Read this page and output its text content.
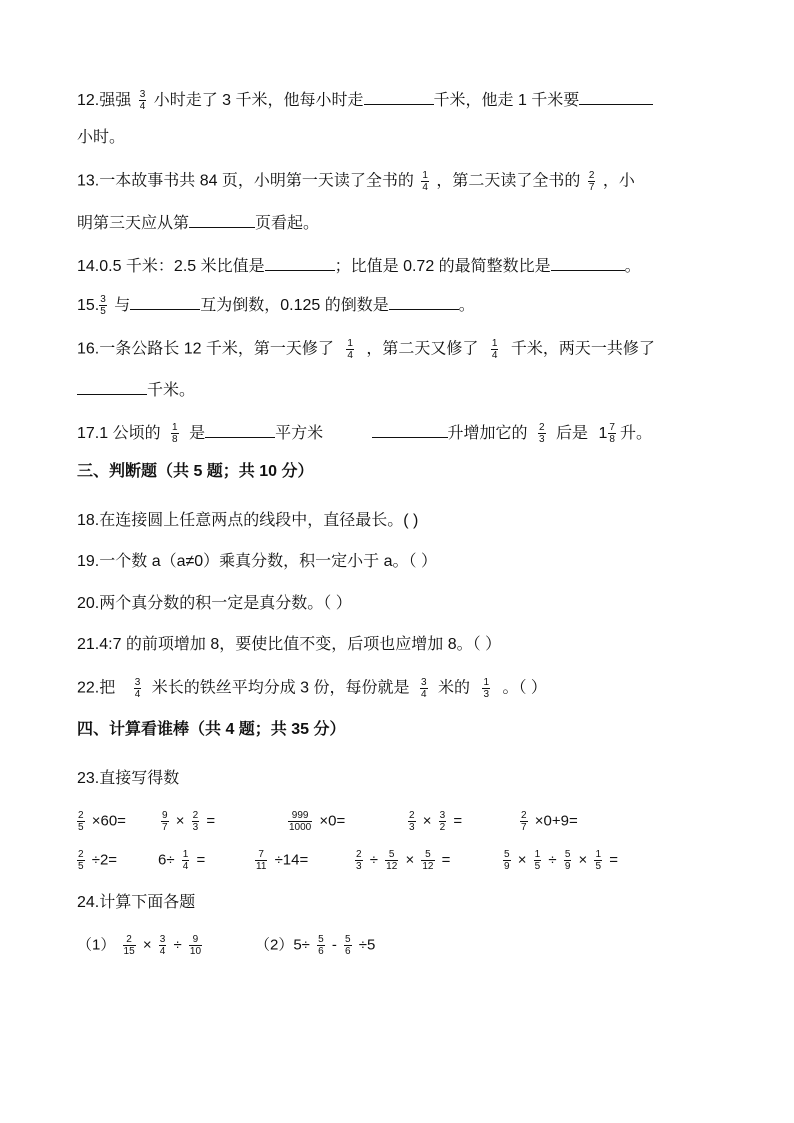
12.强强 $\frac{3}{4}$ 小时走了 3 千米，他每小时走	千米，他走 1 千米要
小时。
13.一本故事书共 84 页，小明第一天读了全书的 $\frac{1}{4}$ ，第二天读了全书的 $\frac{2}{7}$ ，小
明第三天应从第	页看起。
14.0.5 千米：2.5 米比值是	；比值是 0.72 的最简整数比是	。
15. $\frac{3}{5}$ 与	互为倒数，0.125 的倒数是	。
16.一条公路长 12 千米，第一天修了 $\frac{1}{4}$ ，第二天又修了 $\frac{1}{4}$ 千米，两天一共修了
千米。
17.1 公顷的 $\frac{1}{8}$ 是	平方米	升增加它的 $\frac{2}{3}$ 后是 $1 \frac{7}{8}$ 升。
三、判断题（共 5 题；共 10 分）
18.在连接圆上任意两点的线段中，直径最长。( )
19.一个数 a（a≠0）乘真分数，积一定小于 a。（ ）
20.两个真分数的积一定是真分数。（ ）
21.4:7 的前项增加 8，要使比值不变，后项也应增加 8。（ ）
22.把 $\frac{3}{4}$ 米长的铁丝平均分成 3 份，每份就是 $\frac{3}{4}$ 米的 $\frac{1}{3}$ 。（ ）
四、计算看谁棒（共 4 题；共 35 分）
23.直接写得数
$\frac{2}{5} \times 60=$	$\frac{9}{7} \times \frac{2}{3}$ =	$\frac{999}{1000} \times 0=$	$\frac{2}{3} \times \frac{3}{2}$ =	$\frac{2}{7} \times 0+9=$
$\frac{2}{5} \div 2=$	$6\div \frac{1}{4}$ =	$\frac{7}{11} \div 14=$	$\frac{2}{3} \div \frac{5}{12} \times \frac{5}{12}$ =	$\frac{5}{9} \times \frac{1}{5} \div \frac{5}{9} \times \frac{1}{5}$ =
24.计算下面各题
$(1) \frac{2}{15} \times \frac{3}{4} \div \frac{9}{10}$	$(2)5\div \frac{5}{6} - \frac{5}{6} \div 5$
